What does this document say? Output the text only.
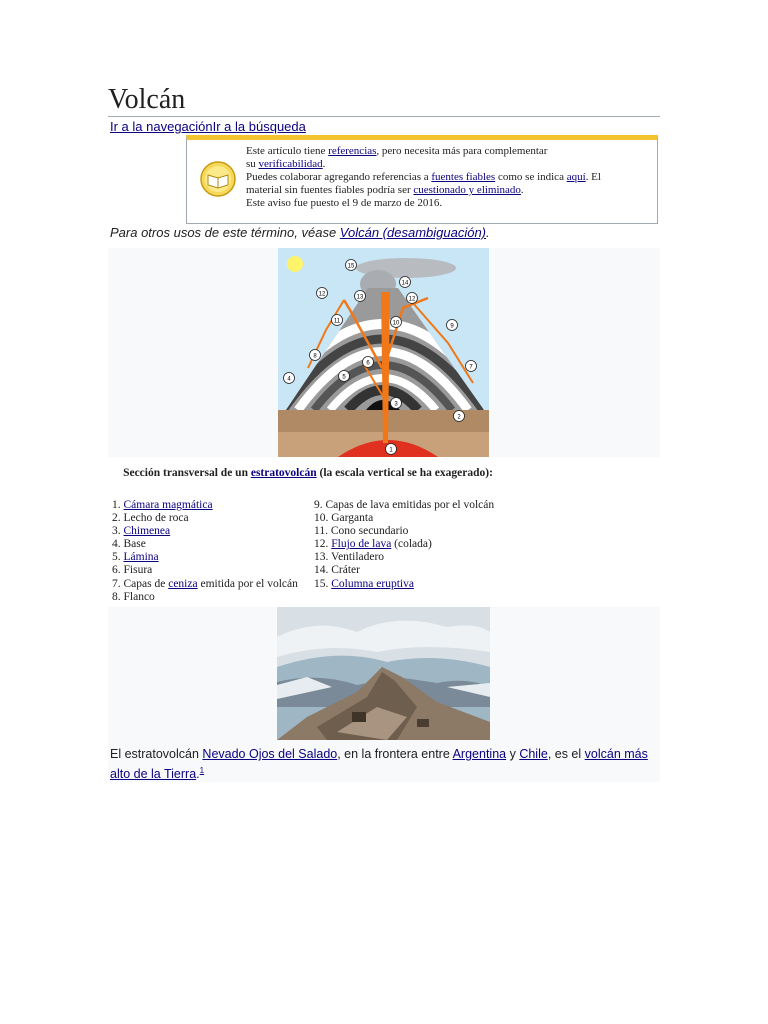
Volcán
Ir a la navegaciónIr a la búsqueda
Este artículo tiene referencias, pero necesita más para complementar
su verificabilidad.
Puedes colaborar agregando referencias a fuentes fiables como se indica aquí. El
material sin fuentes fiables podría ser cuestionado y eliminado.
Este aviso fue puesto el 9 de marzo de 2016.
Para otros usos de este término, véase Volcán (desambiguación).
1
2
3
4	5
6
7
8
9
10
11
12
12
13
14
15
Sección transversal de un estratovolcán (la escala vertical se ha exagerado):
1. Cámara magmática
2. Lecho de roca
3. Chimenea
4. Base
5. Lámina
6. Fisura
7. Capas de ceniza emitida por el volcán
8. Flanco
9. Capas de lava emitidas por el volcán
10. Garganta
11. Cono secundario
12. Flujo de lava (colada)
13. Ventiladero
14. Cráter
15. Columna eruptiva
El estratovolcán Nevado Ojos del Salado, en la frontera entre Argentina y Chile, es el volcán más alto de la Tierra.$^1$
